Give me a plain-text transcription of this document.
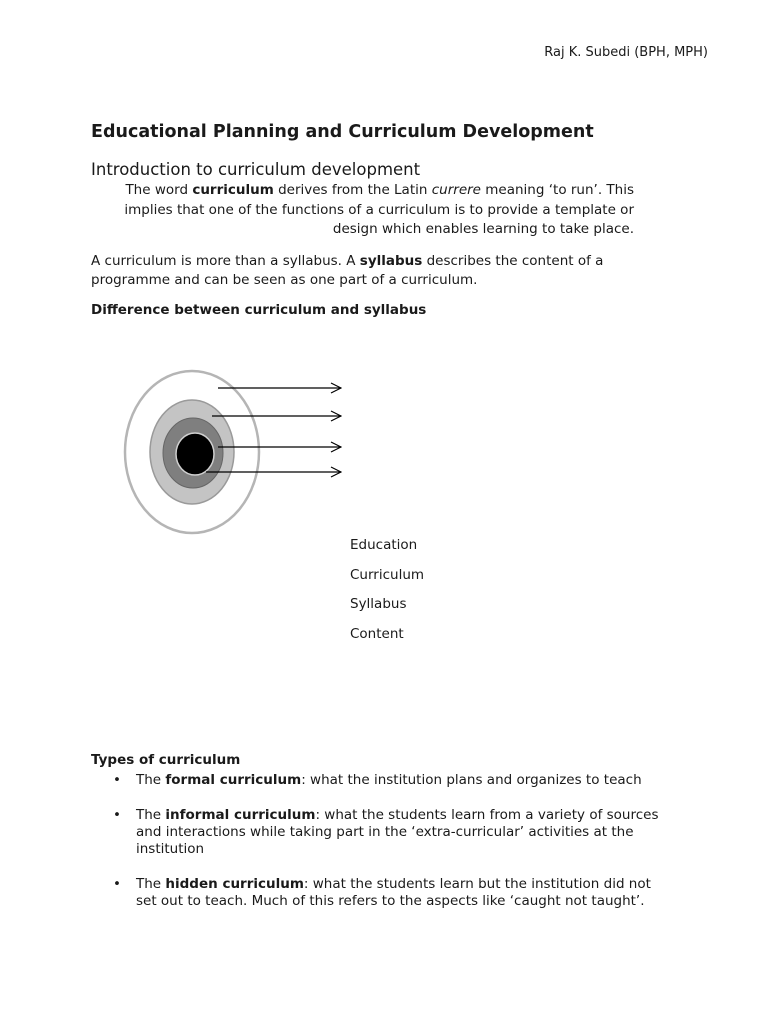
Raj K. Subedi (BPH, MPH)
Educational Planning and Curriculum Development
Introduction to curriculum development
The word curriculum derives from the Latin currere meaning ‘to run’. This implies that one of the functions of a curriculum is to provide a template or design which enables learning to take place.
A curriculum is more than a syllabus. A syllabus describes the content of a programme and can be seen as one part of a curriculum.
Difference between curriculum and syllabus
Education
Curriculum
Syllabus
Content
Types of curriculum
• The formal curriculum: what the institution plans and organizes to teach
• The informal curriculum: what the students learn from a variety of sources and interactions while taking part in the ‘extra-curricular’ activities at the institution
• The hidden curriculum: what the students learn but the institution did not set out to teach. Much of this refers to the aspects like ‘caught not taught’.
